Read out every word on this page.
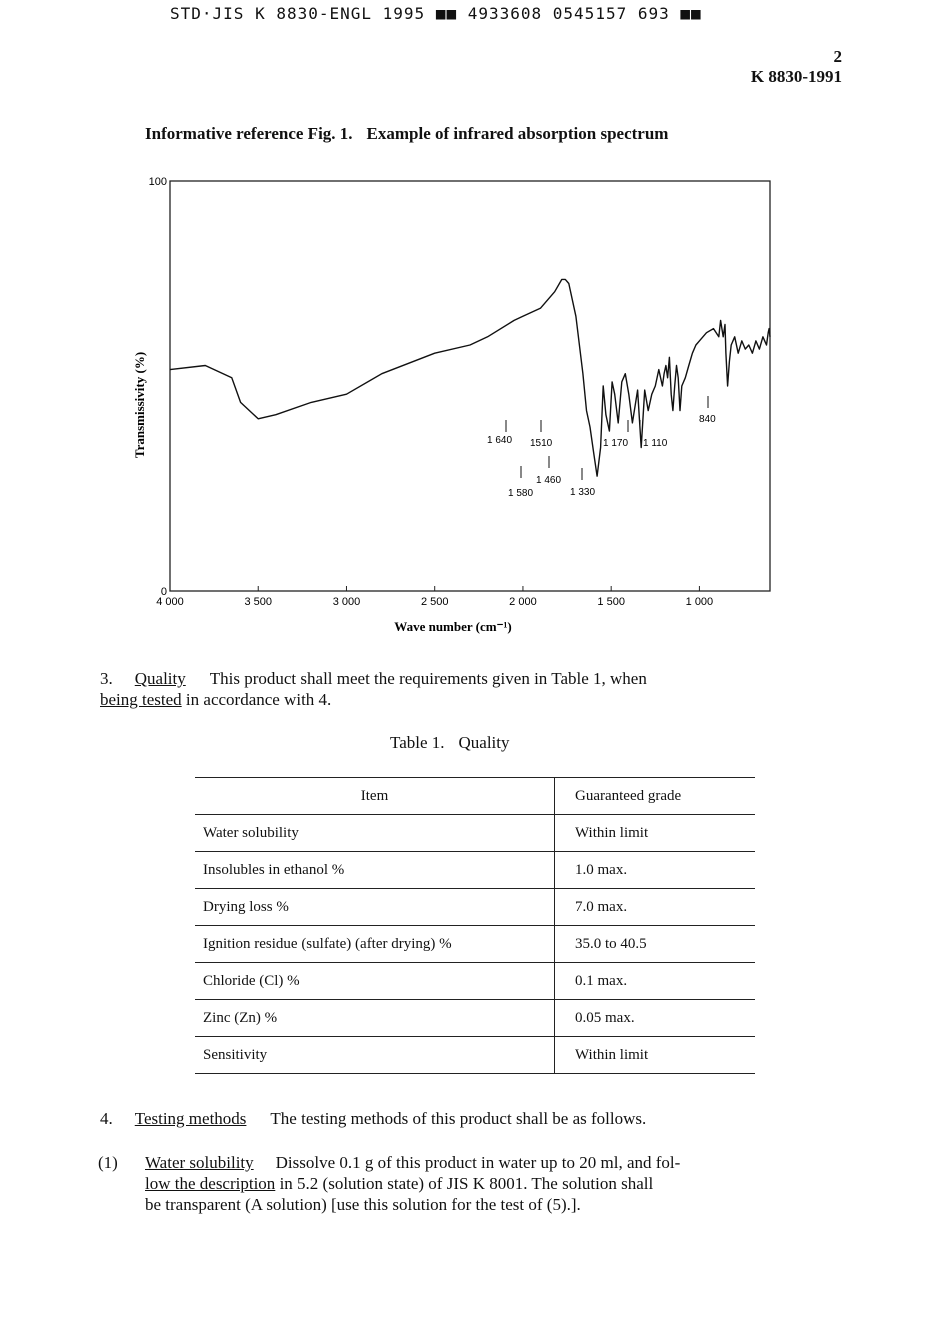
STD·JIS K 8830-ENGL 1995 ■■ 4933608 0545157 693 ■■
2
K 8830-1991
Informative reference Fig. 1. Example of infrared absorption spectrum
4 000	3 500	3 000	2 500	2 000	1 500	1 000
0
100
1 640 1510
1 580
1 460
1 330
1 170 1 110
840
Wave number (cm⁻¹)
Transmissivity (%)
3. Quality This product shall meet the requirements given in Table 1, when
being tested in accordance with 4.
Table 1. Quality
Item	Guaranteed grade
Water solubility	Within limit
Insolubles in ethanol %	1.0 max.
Drying loss %	7.0 max.
Ignition residue (sulfate) (after drying) %	35.0 to 40.5
Chloride (Cl) %	0.1 max.
Zinc (Zn) %	0.05 max.
Sensitivity	Within limit
4. Testing methods The testing methods of this product shall be as follows.
(1) Water solubility Dissolve 0.1 g of this product in water up to 20 ml, and fol-
low the description in 5.2 (solution state) of JIS K 8001. The solution shall
be transparent (A solution) [use this solution for the test of (5).].
